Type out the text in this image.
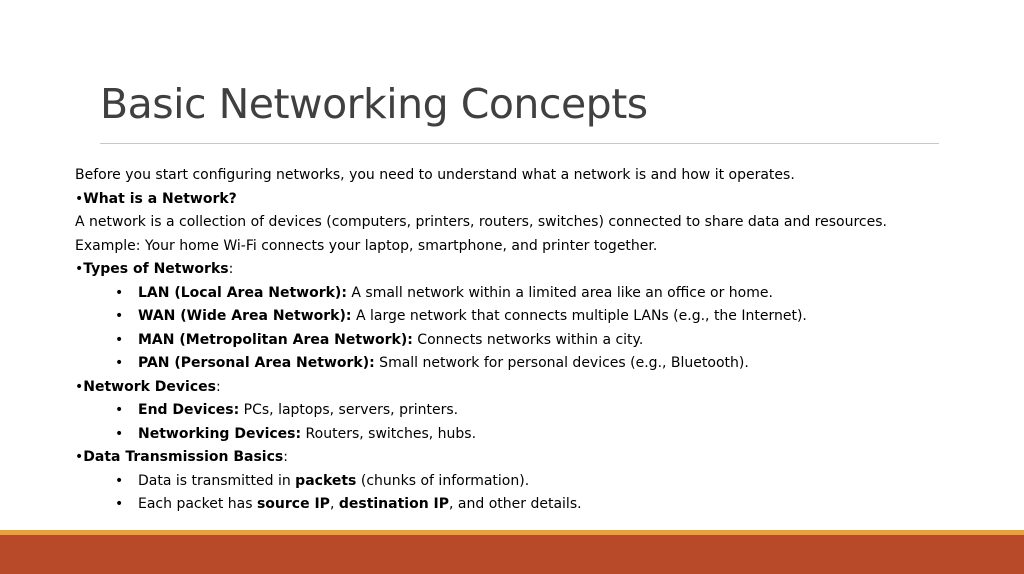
Basic Networking Concepts
Before you start configuring networks, you need to understand what a network is and how it operates.
•What is a Network?
A network is a collection of devices (computers, printers, routers, switches) connected to share data and resources.
Example: Your home Wi-Fi connects your laptop, smartphone, and printer together.
•Types of Networks:
• LAN (Local Area Network): A small network within a limited area like an office or home.
• WAN (Wide Area Network): A large network that connects multiple LANs (e.g., the Internet).
• MAN (Metropolitan Area Network): Connects networks within a city.
• PAN (Personal Area Network): Small network for personal devices (e.g., Bluetooth).
•Network Devices:
• End Devices: PCs, laptops, servers, printers.
• Networking Devices: Routers, switches, hubs.
•Data Transmission Basics:
• Data is transmitted in packets (chunks of information).
• Each packet has source IP, destination IP, and other details.
